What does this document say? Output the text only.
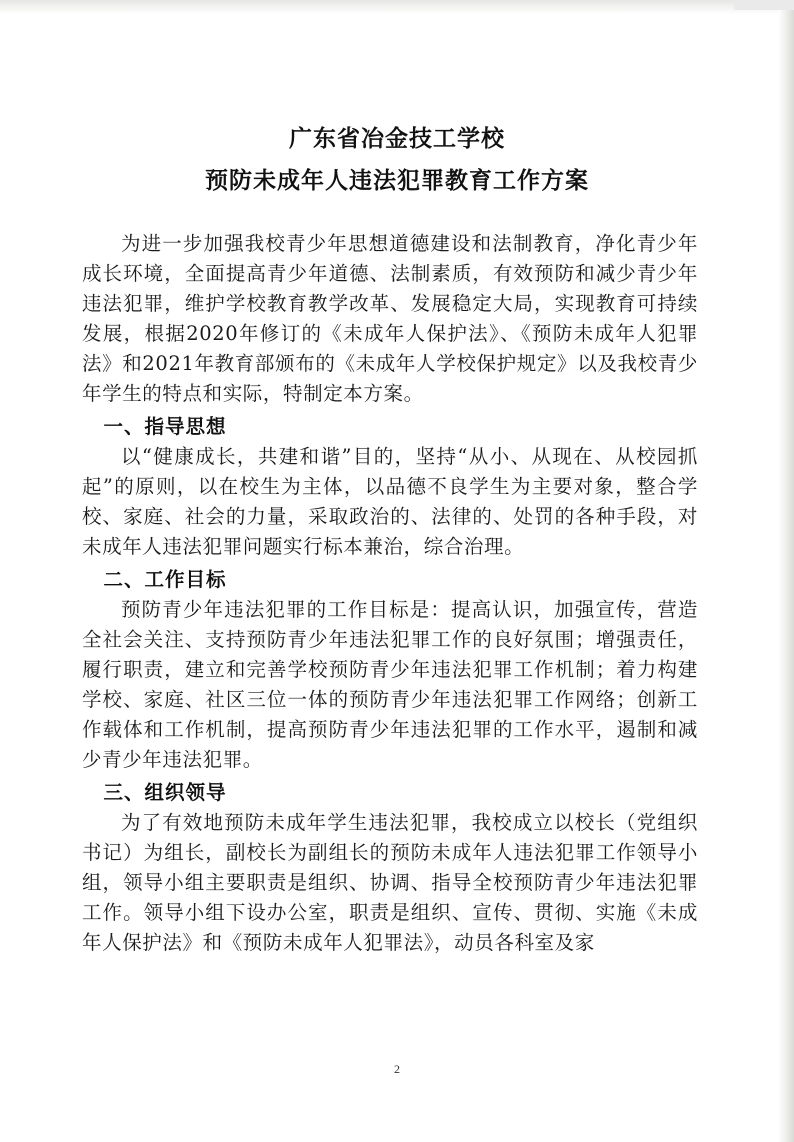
广东省冶金技工学校
预防未成年人违法犯罪教育工作方案

为进一步加强我校青少年思想道德建设和法制教育，净化青少年成长环境，全面提高青少年道德、法制素质，有效预防和减少青少年违法犯罪，维护学校教育教学改革、发展稳定大局，实现教育可持续发展，根据2020年修订的《未成年人保护法》、《预防未成年人犯罪法》和2021年教育部颁布的《未成年人学校保护规定》以及我校青少年学生的特点和实际，特制定本方案。

一、指导思想

以“健康成长，共建和谐”目的，坚持“从小、从现在、从校园抓起”的原则，以在校生为主体，以品德不良学生为主要对象，整合学校、家庭、社会的力量，采取政治的、法律的、处罚的各种手段，对未成年人违法犯罪问题实行标本兼治，综合治理。

二、工作目标

预防青少年违法犯罪的工作目标是：提高认识，加强宣传，营造全社会关注、支持预防青少年违法犯罪工作的良好氛围；增强责任，履行职责，建立和完善学校预防青少年违法犯罪工作机制；着力构建学校、家庭、社区三位一体的预防青少年违法犯罪工作网络；创新工作载体和工作机制，提高预防青少年违法犯罪的工作水平，遏制和减少青少年违法犯罪。

三、组织领导

为了有效地预防未成年学生违法犯罪，我校成立以校长（党组织书记）为组长，副校长为副组长的预防未成年人违法犯罪工作领导小组，领导小组主要职责是组织、协调、指导全校预防青少年违法犯罪工作。领导小组下设办公室，职责是组织、宣传、贯彻、实施《未成年人保护法》和《预防未成年人犯罪法》，动员各科室及家

2
